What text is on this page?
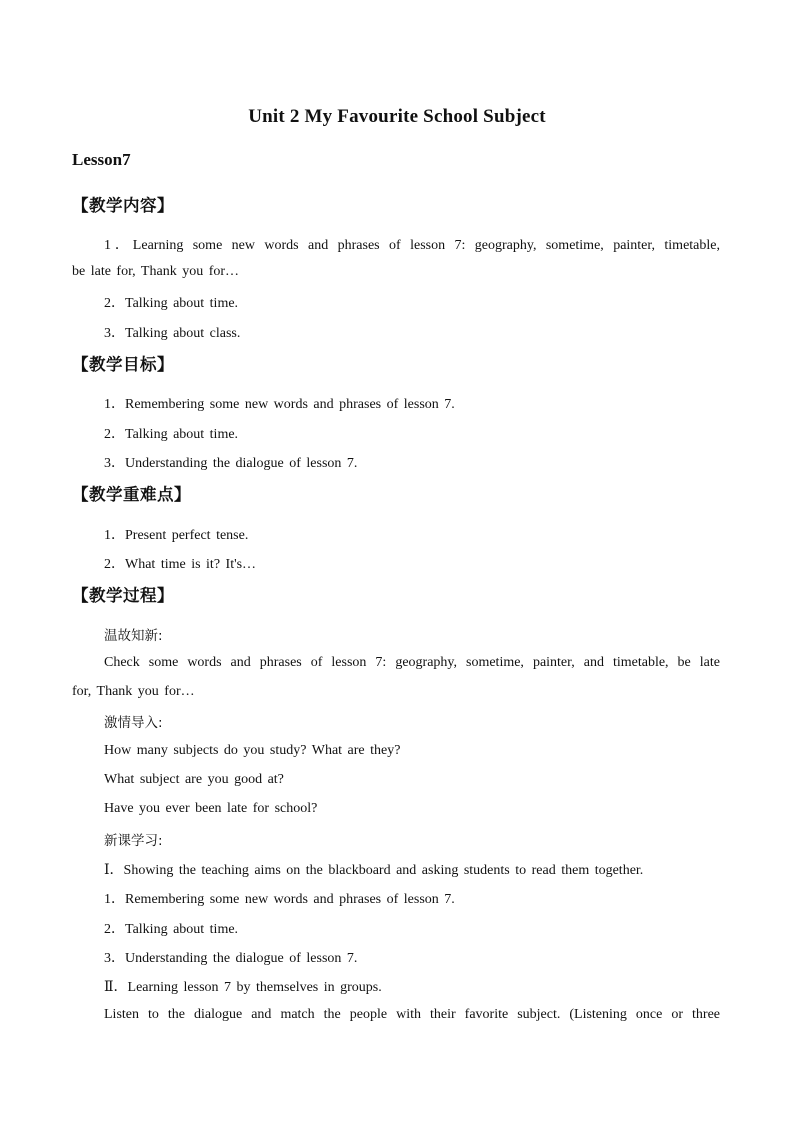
Unit 2 My Favourite School Subject
Lesson7
【教学内容】
1．Learning some new words and phrases of lesson 7: geography, sometime, painter, timetable,
be late for, Thank you for…
2．Talking about time.
3．Talking about class.
【教学目标】
1．Remembering some new words and phrases of lesson 7.
2．Talking about time.
3．Understanding the dialogue of lesson 7.
【教学重难点】
1．Present perfect tense.
2．What time is it? It's…
【教学过程】
温故知新:
Check some words and phrases of lesson 7: geography, sometime, painter, and timetable, be late
for, Thank you for…
激情导入:
How many subjects do you study? What are they?
What subject are you good at?
Have you ever been late for school?
新课学习:
Ⅰ．Showing the teaching aims on the blackboard and asking students to read them together.
1．Remembering some new words and phrases of lesson 7.
2．Talking about time.
3．Understanding the dialogue of lesson 7.
Ⅱ．Learning lesson 7 by themselves in groups.
Listen to the dialogue and match the people with their favorite subject. (Listening once or three
